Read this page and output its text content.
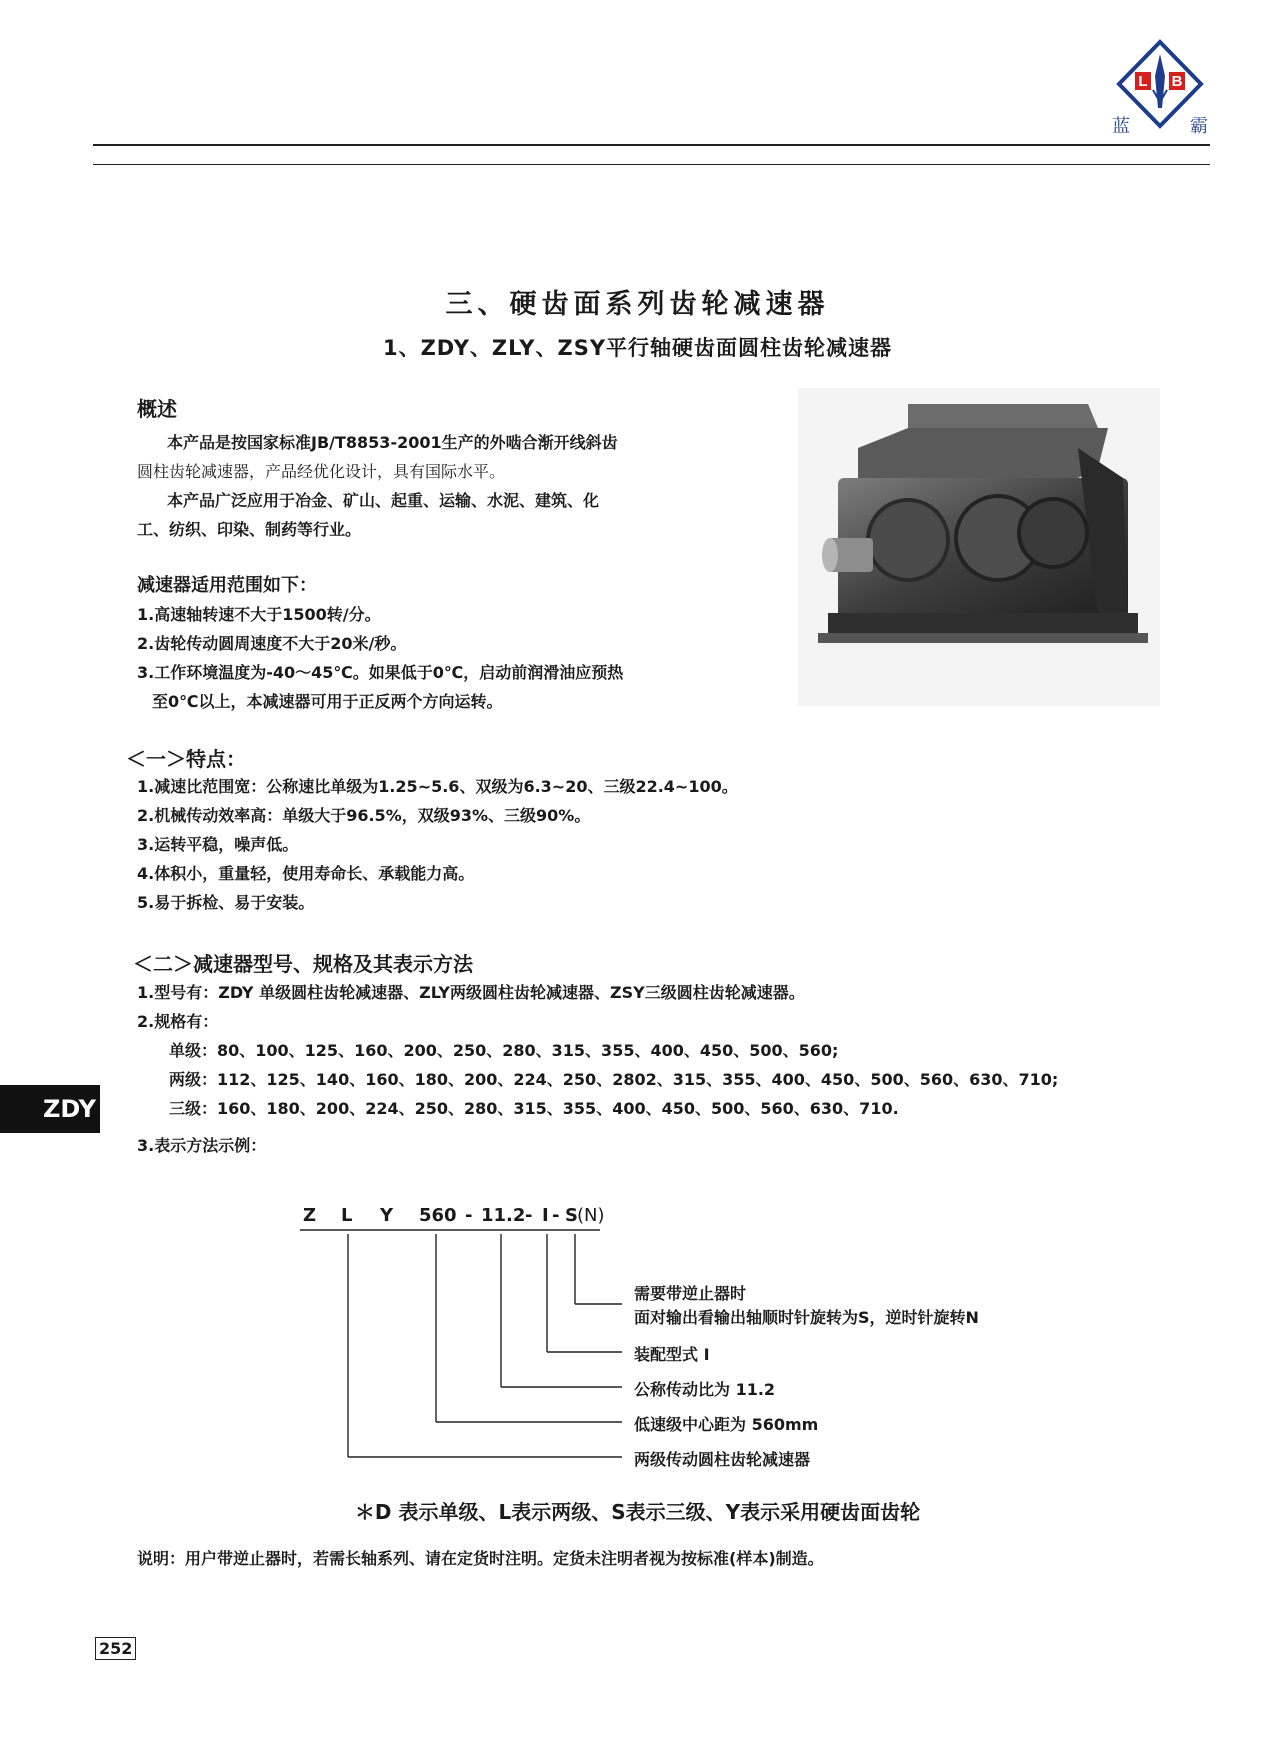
L B
蓝	霸
三、硬齿面系列齿轮减速器
1、ZDY、ZLY、ZSY平行轴硬齿面圆柱齿轮减速器
概述

本产品是按国家标准JB/T8853-2001生产的外啮合渐开线斜齿

圆柱齿轮减速器，产品经优化设计，具有国际水平。

本产品广泛应用于冶金、矿山、起重、运输、水泥、建筑、化

工、纺织、印染、制药等行业。

减速器适用范围如下：

1.高速轴转速不大于1500转/分。

2.齿轮传动圆周速度不大于20米/秒。

3.工作环境温度为-40～45℃。如果低于0℃，启动前润滑油应预热

至0℃以上，本减速器可用于正反两个方向运转。

＜一＞特点：

1.减速比范围宽：公称速比单级为1.25~5.6、双级为6.3~20、三级22.4~100。

2.机械传动效率高：单级大于96.5%，双级93%、三级90%。

3.运转平稳，噪声低。

4.体积小，重量轻，使用寿命长、承载能力高。

5.易于拆检、易于安装。

＜二＞减速器型号、规格及其表示方法

1.型号有：ZDY 单级圆柱齿轮减速器、ZLY两级圆柱齿轮减速器、ZSY三级圆柱齿轮减速器。

2.规格有：

单级：80、100、125、160、200、250、280、315、355、400、450、500、560;

两级：112、125、140、160、180、200、224、250、2802、315、355、400、450、500、560、630、710;

三级：160、180、200、224、250、280、315、355、400、450、500、560、630、710.

3.表示方法示例：

ZDY
Z L Y 560 - 11.2 - I - S (N)
需要带逆止器时
面对输出看输出轴顺时针旋转为S，逆时针旋转N
装配型式 I
公称传动比为 11.2
低速级中心距为 560mm
两级传动圆柱齿轮减速器
＊D 表示单级、L表示两级、S表示三级、Y表示采用硬齿面齿轮
说明：用户带逆止器时，若需长轴系列、请在定货时注明。定货未注明者视为按标准(样本)制造。
252
